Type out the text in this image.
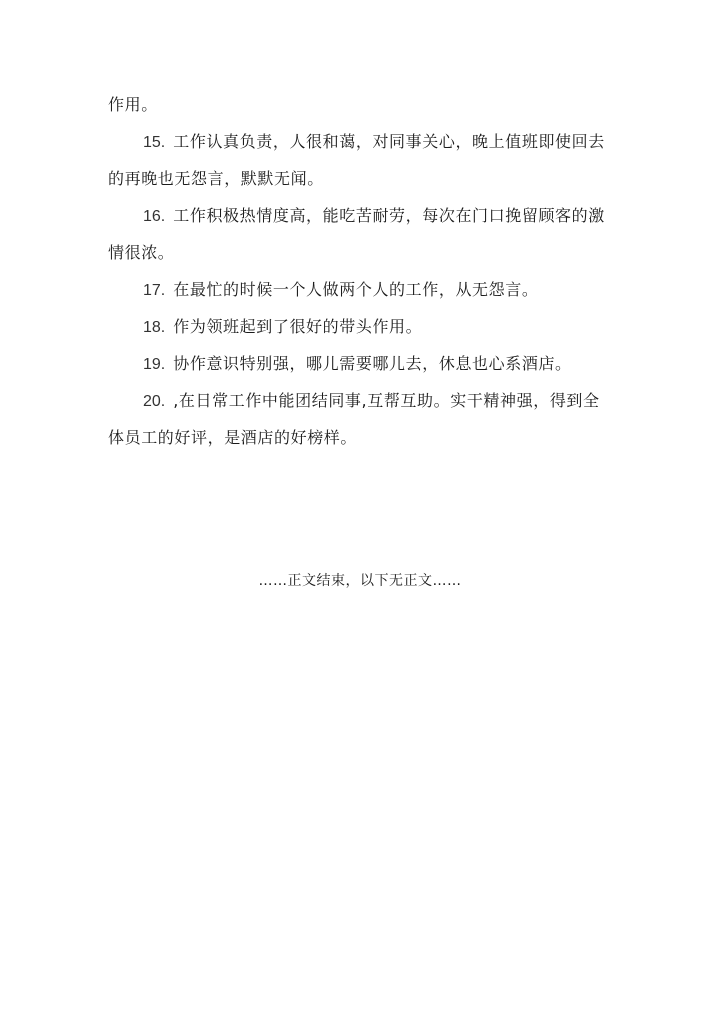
作用。
15. 工作认真负责，人很和蔼，对同事关心，晚上值班即使回去
的再晚也无怨言，默默无闻。
16. 工作积极热情度高，能吃苦耐劳，每次在门口挽留顾客的激
情很浓。
17. 在最忙的时候一个人做两个人的工作，从无怨言。
18. 作为领班起到了很好的带头作用。
19. 协作意识特别强，哪儿需要哪儿去，休息也心系酒店。
20. ,在日常工作中能团结同事,互帮互助。实干精神强，得到全
体员工的好评，是酒店的好榜样。
……正文结束，以下无正文……
